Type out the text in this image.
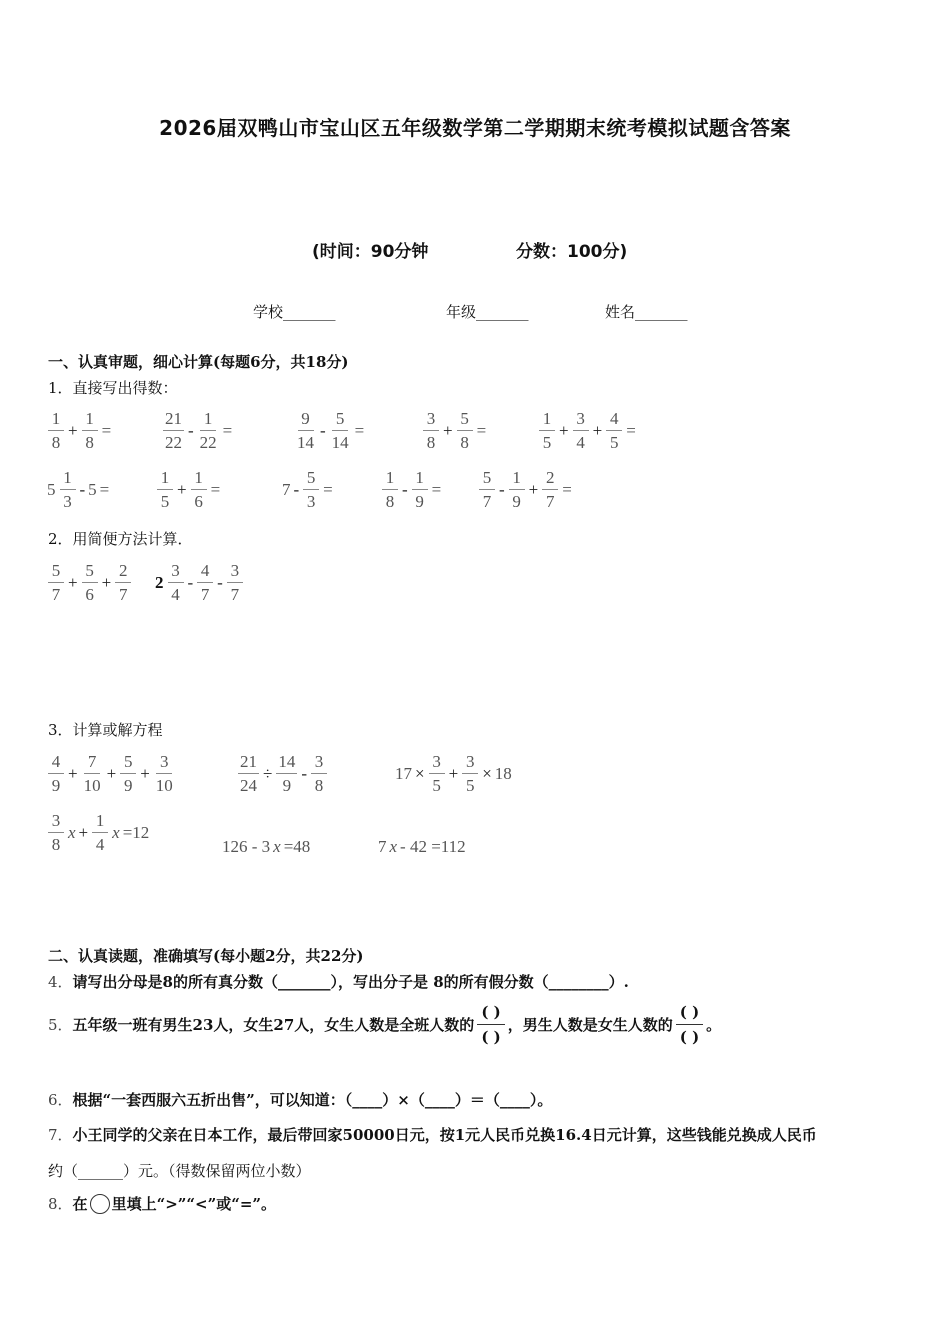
2026届双鸭山市宝山区五年级数学第二学期期末统考模拟试题含答案
(时间：90分钟	分数：100分)
学校_______	年级_______	姓名_______
一、认真审题，细心计算(每题6分，共18分)
1．直接写出得数：
$\frac{1}{8} + \frac{1}{8}$ =	$\frac{21}{22} - \frac{1}{22}$ =	$\frac{9}{14} - \frac{5}{14}$ =	$\frac{3}{8} + \frac{5}{8}$ =	$\frac{1}{5} + \frac{3}{4} + \frac{4}{5}$ =
$5 \frac{1}{3} - 5$ =	$\frac{1}{5} + \frac{1}{6}$ =	$7 - \frac{5}{3}$ =	$\frac{1}{8} - \frac{1}{9} = \frac{5}{7} - \frac{1}{9} + \frac{2}{7}$ =
2．用简便方法计算．
$\frac{5}{7} + \frac{5}{6} + \frac{2}{7} 2 \frac{3}{4} - \frac{4}{7} - \frac{3}{7}$
3．计算或解方程
$\frac{4}{9} + \frac{7}{10} + \frac{5}{9} + \frac{3}{10}$	$\frac{21}{24} \div \frac{14}{9} - \frac{3}{8}$	$17 \times \frac{3}{5} + \frac{3}{5} \times 18$
$\frac{3}{8}$ $x + \frac{1}{4}$ x =12
126 - 3 x =48	7 x - 42 =112
二、认真读题，准确填写(每小题2分，共22分)
4．请写出分母是8的所有真分数（_______），写出分子是 8的所有假分数（________）.
5． 五年级一班有男生23人，女生27人，女生人数是全班人数的 $\frac{( )}{( )}$ ，男生人数是女生人数的 $\frac{( )}{( )}$ 。
6．根据“一套西服六五折出售”，可以知道：（____）×（____）＝（____）。
7．小王同学的父亲在日本工作，最后带回家50000日元，按1元人民币兑换16.4日元计算，这些钱能兑换成人民币
约（______）元。（得数保留两位小数）
8． 在 里填上“>”“<”或“=”。
